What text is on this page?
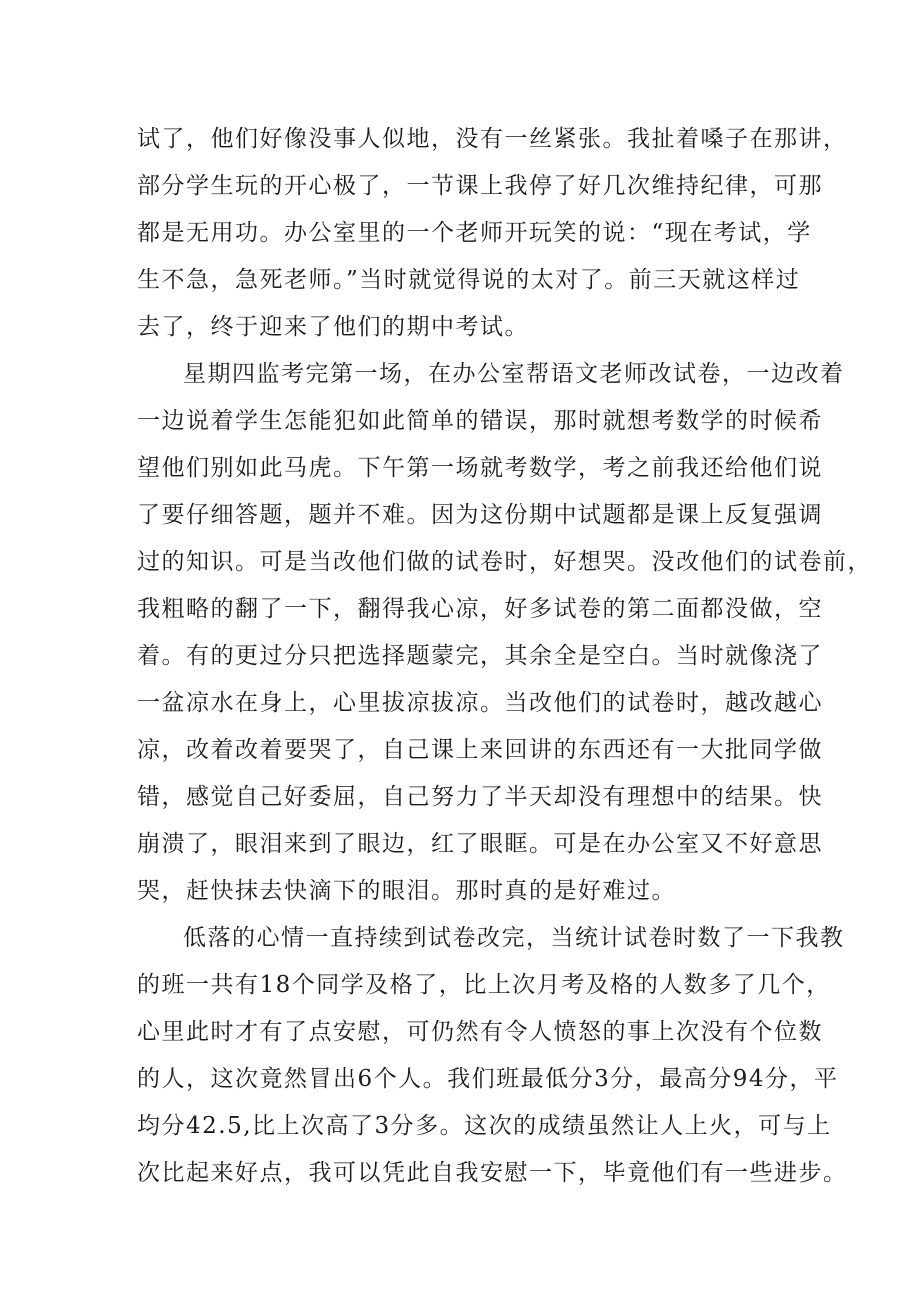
试了，他们好像没事人似地，没有一丝紧张。我扯着嗓子在那讲，
部分学生玩的开心极了，一节课上我停了好几次维持纪律，可那
都是无用功。办公室里的一个老师开玩笑的说：“现在考试，学
生不急，急死老师。”当时就觉得说的太对了。前三天就这样过
去了，终于迎来了他们的期中考试。
星期四监考完第一场，在办公室帮语文老师改试卷，一边改着
一边说着学生怎能犯如此简单的错误，那时就想考数学的时候希
望他们别如此马虎。下午第一场就考数学，考之前我还给他们说
了要仔细答题，题并不难。因为这份期中试题都是课上反复强调
过的知识。可是当改他们做的试卷时，好想哭。没改他们的试卷前，
我粗略的翻了一下，翻得我心凉，好多试卷的第二面都没做，空
着。有的更过分只把选择题蒙完，其余全是空白。当时就像浇了
一盆凉水在身上，心里拔凉拔凉。当改他们的试卷时，越改越心
凉，改着改着要哭了，自己课上来回讲的东西还有一大批同学做
错，感觉自己好委屈，自己努力了半天却没有理想中的结果。快
崩溃了，眼泪来到了眼边，红了眼眶。可是在办公室又不好意思
哭，赶快抹去快滴下的眼泪。那时真的是好难过。
低落的心情一直持续到试卷改完，当统计试卷时数了一下我教
的班一共有18个同学及格了，比上次月考及格的人数多了几个，
心里此时才有了点安慰，可仍然有令人愤怒的事上次没有个位数
的人，这次竟然冒出6个人。我们班最低分3分，最高分94分，平
均分42.5,比上次高了3分多。这次的成绩虽然让人上火，可与上
次比起来好点，我可以凭此自我安慰一下，毕竟他们有一些进步。
